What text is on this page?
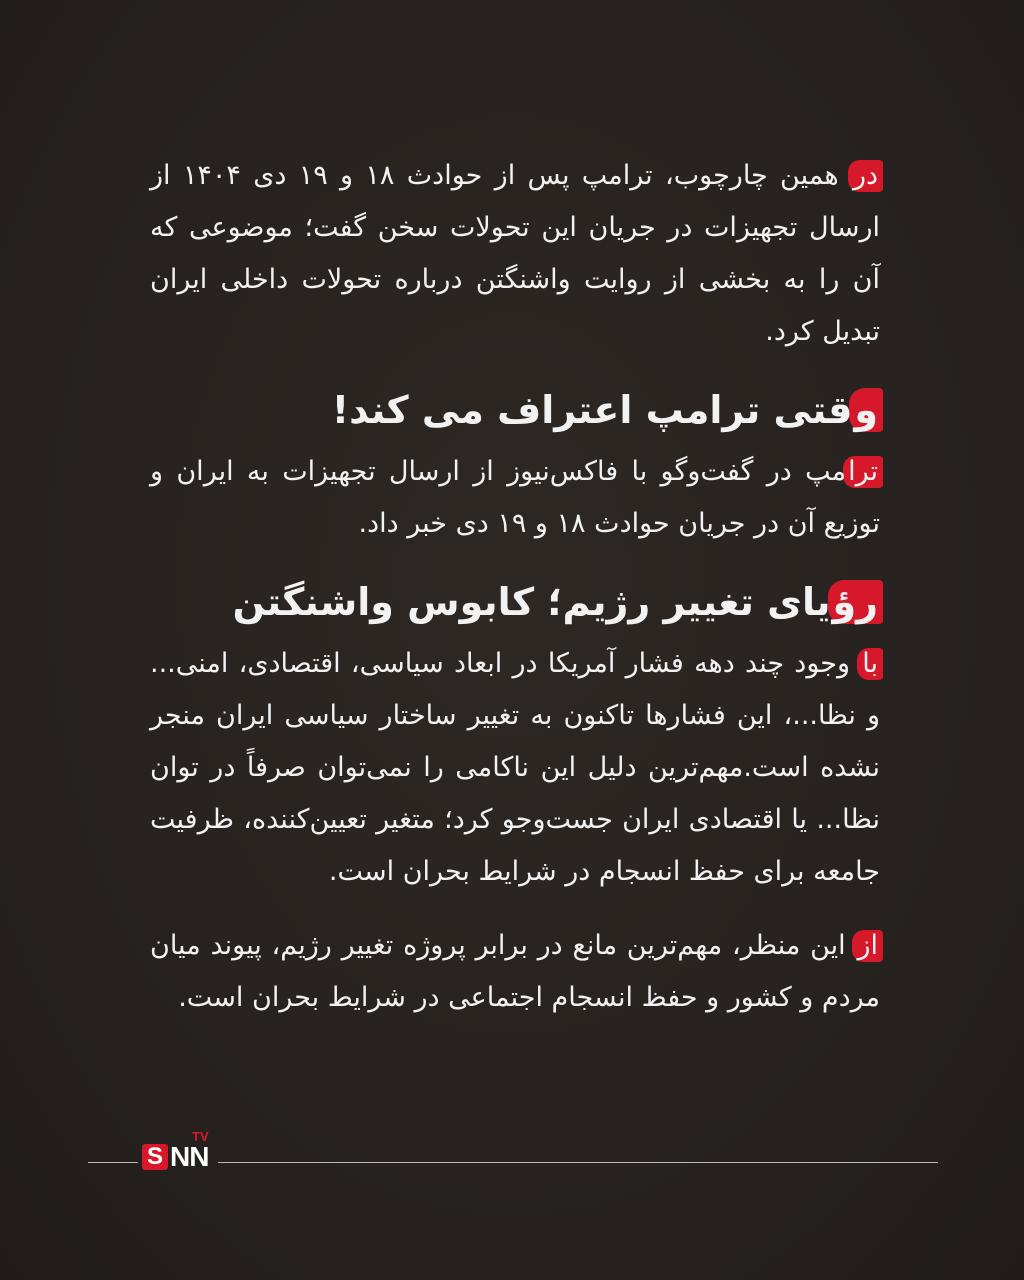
در همین چارچوب، ترامپ پس از حوادث ۱۸ و ۱۹ دی ۱۴۰۴ از ارسال تجهیزات در جریان این تحولات سخن گفت؛ موضوعی که آن را به بخشی از روایت واشنگتن درباره تحولات داخلی ایران تبدیل کرد.

وقتی ترامپ اعتراف می کند!

ترامپ در گفت‌وگو با فاکس‌نیوز از ارسال تجهیزات به ایران و توزیع آن در جریان حوادث ۱۸ و ۱۹ دی خبر داد.

رؤیای تغییر رژیم؛ کابوس واشنگتن

با وجود چند دهه فشار آمریکا در ابعاد سیاسی، اقتصادی، امنی... و نظا...، این فشارها تاکنون به تغییر ساختار سیاسی ایران منجر نشده است.مهم‌ترین دلیل این ناکامی را نمی‌توان صرفاً در توان نظا... یا اقتصادی ایران جست‌وجو کرد؛ متغیر تعیین‌کننده، ظرفیت جامعه برای حفظ انسجام در شرایط بحران است.

از این منظر، مهم‌ترین مانع در برابر پروژه تغییر رژیم، پیوند میان مردم و کشور و حفظ انسجام اجتماعی در شرایط بحران است.

S NN
TV
